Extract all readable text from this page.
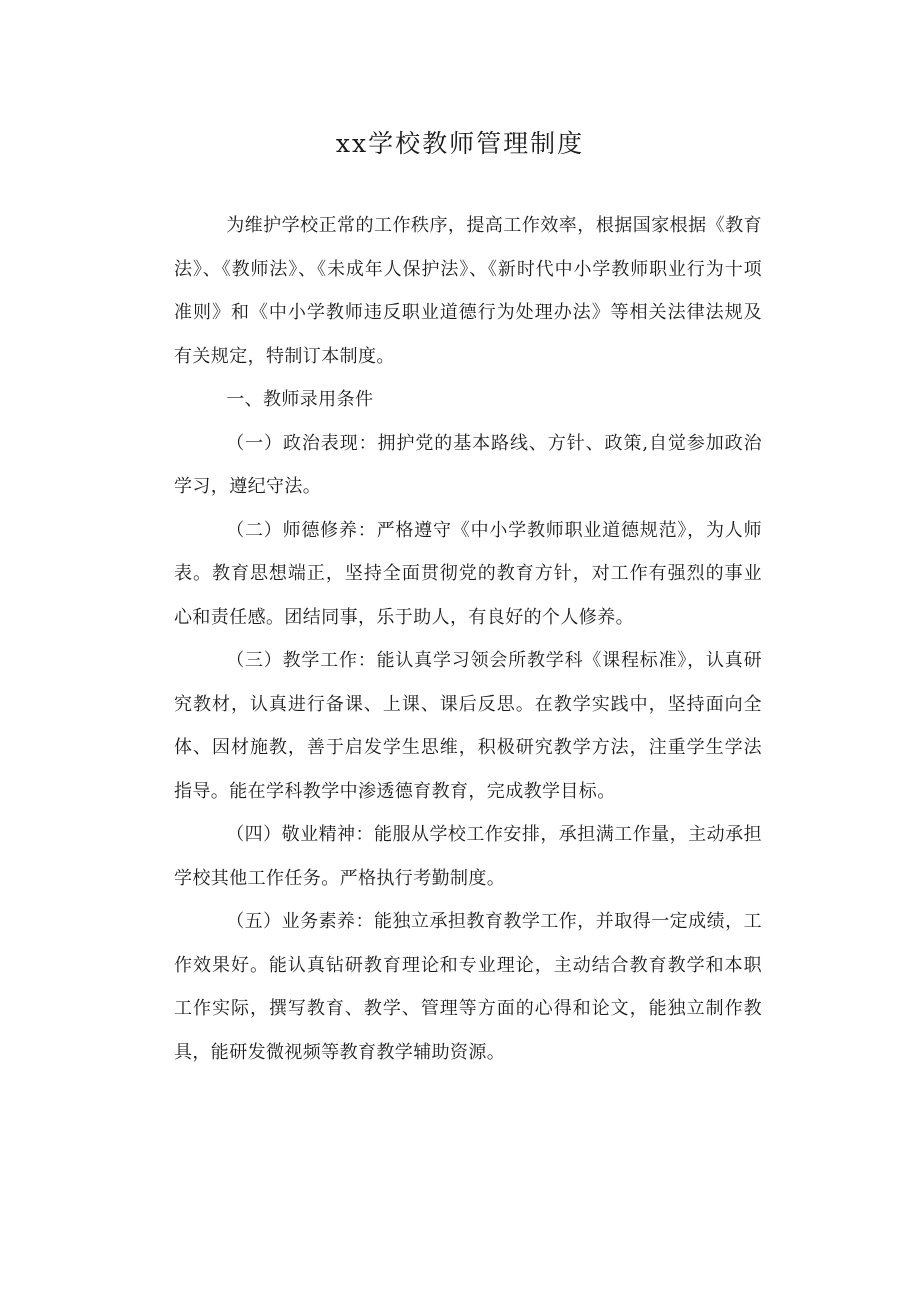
xx学校教师管理制度

为维护学校正常的工作秩序，提高工作效率，根据国家根据《教育法》、《教师法》、《未成年人保护法》、《新时代中小学教师职业行为十项准则》和《中小学教师违反职业道德行为处理办法》等相关法律法规及有关规定，特制订本制度。

一、教师录用条件

（一）政治表现：拥护党的基本路线、方针、政策,自觉参加政治学习，遵纪守法。

（二）师德修养：严格遵守《中小学教师职业道德规范》，为人师表。教育思想端正，坚持全面贯彻党的教育方针，对工作有强烈的事业心和责任感。团结同事，乐于助人，有良好的个人修养。

（三）教学工作：能认真学习领会所教学科《课程标准》，认真研究教材，认真进行备课、上课、课后反思。在教学实践中，坚持面向全体、因材施教，善于启发学生思维，积极研究教学方法，注重学生学法指导。能在学科教学中渗透德育教育，完成教学目标。

（四）敬业精神：能服从学校工作安排，承担满工作量，主动承担学校其他工作任务。严格执行考勤制度。

（五）业务素养：能独立承担教育教学工作，并取得一定成绩，工作效果好。能认真钻研教育理论和专业理论，主动结合教育教学和本职工作实际，撰写教育、教学、管理等方面的心得和论文，能独立制作教具，能研发微视频等教育教学辅助资源。
